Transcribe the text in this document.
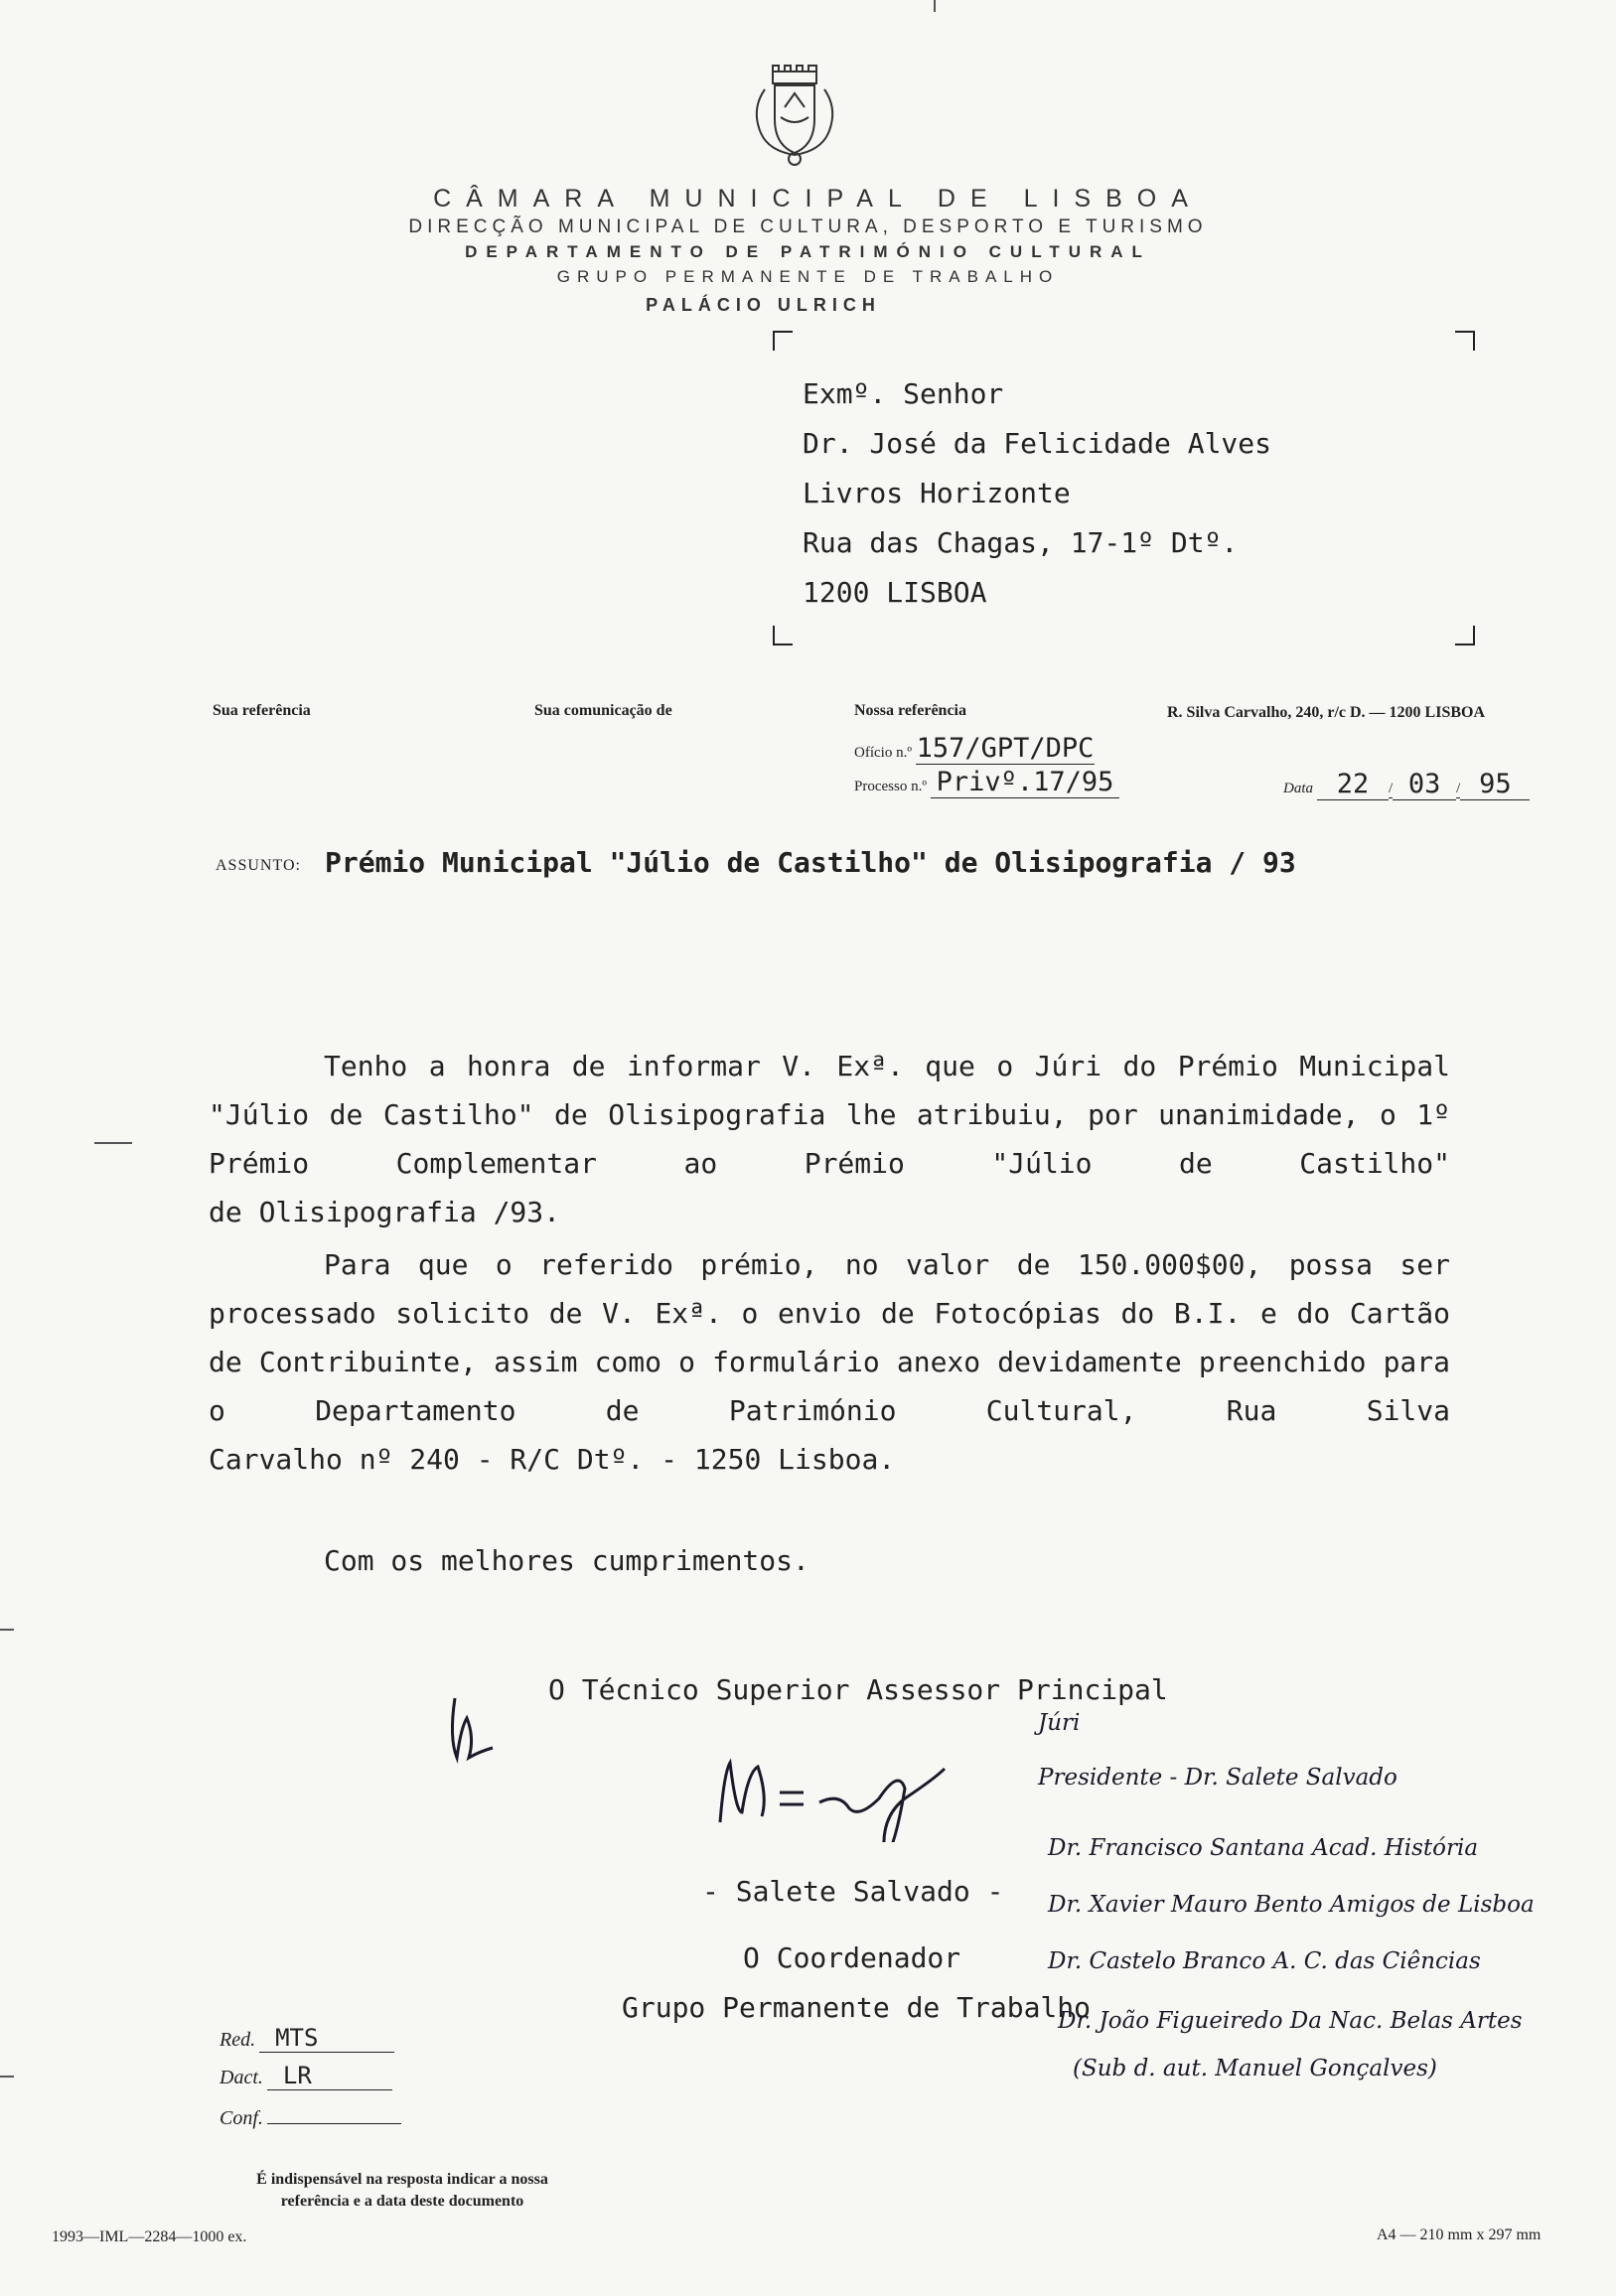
CÂMARA MUNICIPAL DE LISBOA
DIRECÇÃO MUNICIPAL DE CULTURA, DESPORTO E TURISMO
DEPARTAMENTO DE PATRIMÓNIO CULTURAL
GRUPO PERMANENTE DE TRABALHO
PALÁCIO ULRICH
Exmº. Senhor
Dr. José da Felicidade Alves
Livros Horizonte
Rua das Chagas, 17-1º Dtº.
1200 LISBOA
Sua referência	Sua comunicação de	Nossa referência	R. Silva Carvalho, 240, r/c D. — 1200 LISBOA
Ofício n.º 157/GPT/DPC
Processo n.º Privº.17/95	Data 22 / 03 / 95
ASSUNTO: Prémio Municipal "Júlio de Castilho" de Olisipografia / 93
Tenho a honra de informar V. Exª. que o Júri do Prémio Municipal "Júlio de Castilho" de Olisipografia lhe atribuiu, por unanimidade, o 1º Prémio Complementar ao Prémio "Júlio de Castilho"
de Olisipografia /93.
Para que o referido prémio, no valor de 150.000$00, possa ser processado solicito de V. Exª. o envio de Fotocópias do B.I. e do Cartão de Contribuinte, assim como o formulário anexo devidamente preenchido para o Departamento de Património Cultural, Rua Silva
Carvalho nº 240 - R/C Dtº. - 1250 Lisboa.
Com os melhores cumprimentos.
O Técnico Superior Assessor Principal
- Salete Salvado -
O Coordenador
Grupo Permanente de Trabalho
Júri
Presidente - Dr. Salete Salvado
Dr. Francisco Santana Acad. História
Dr. Xavier Mauro Bento Amigos de Lisboa
Dr. Castelo Branco A. C. das Ciências
Dr. João Figueiredo Da Nac. Belas Artes
(Sub d. aut. Manuel Gonçalves)
Red. MTS
Dact. LR
Conf.
É indispensável na resposta indicar a nossa
referência e a data deste documento
1993—IML—2284—1000 ex.	A4 — 210 mm x 297 mm
